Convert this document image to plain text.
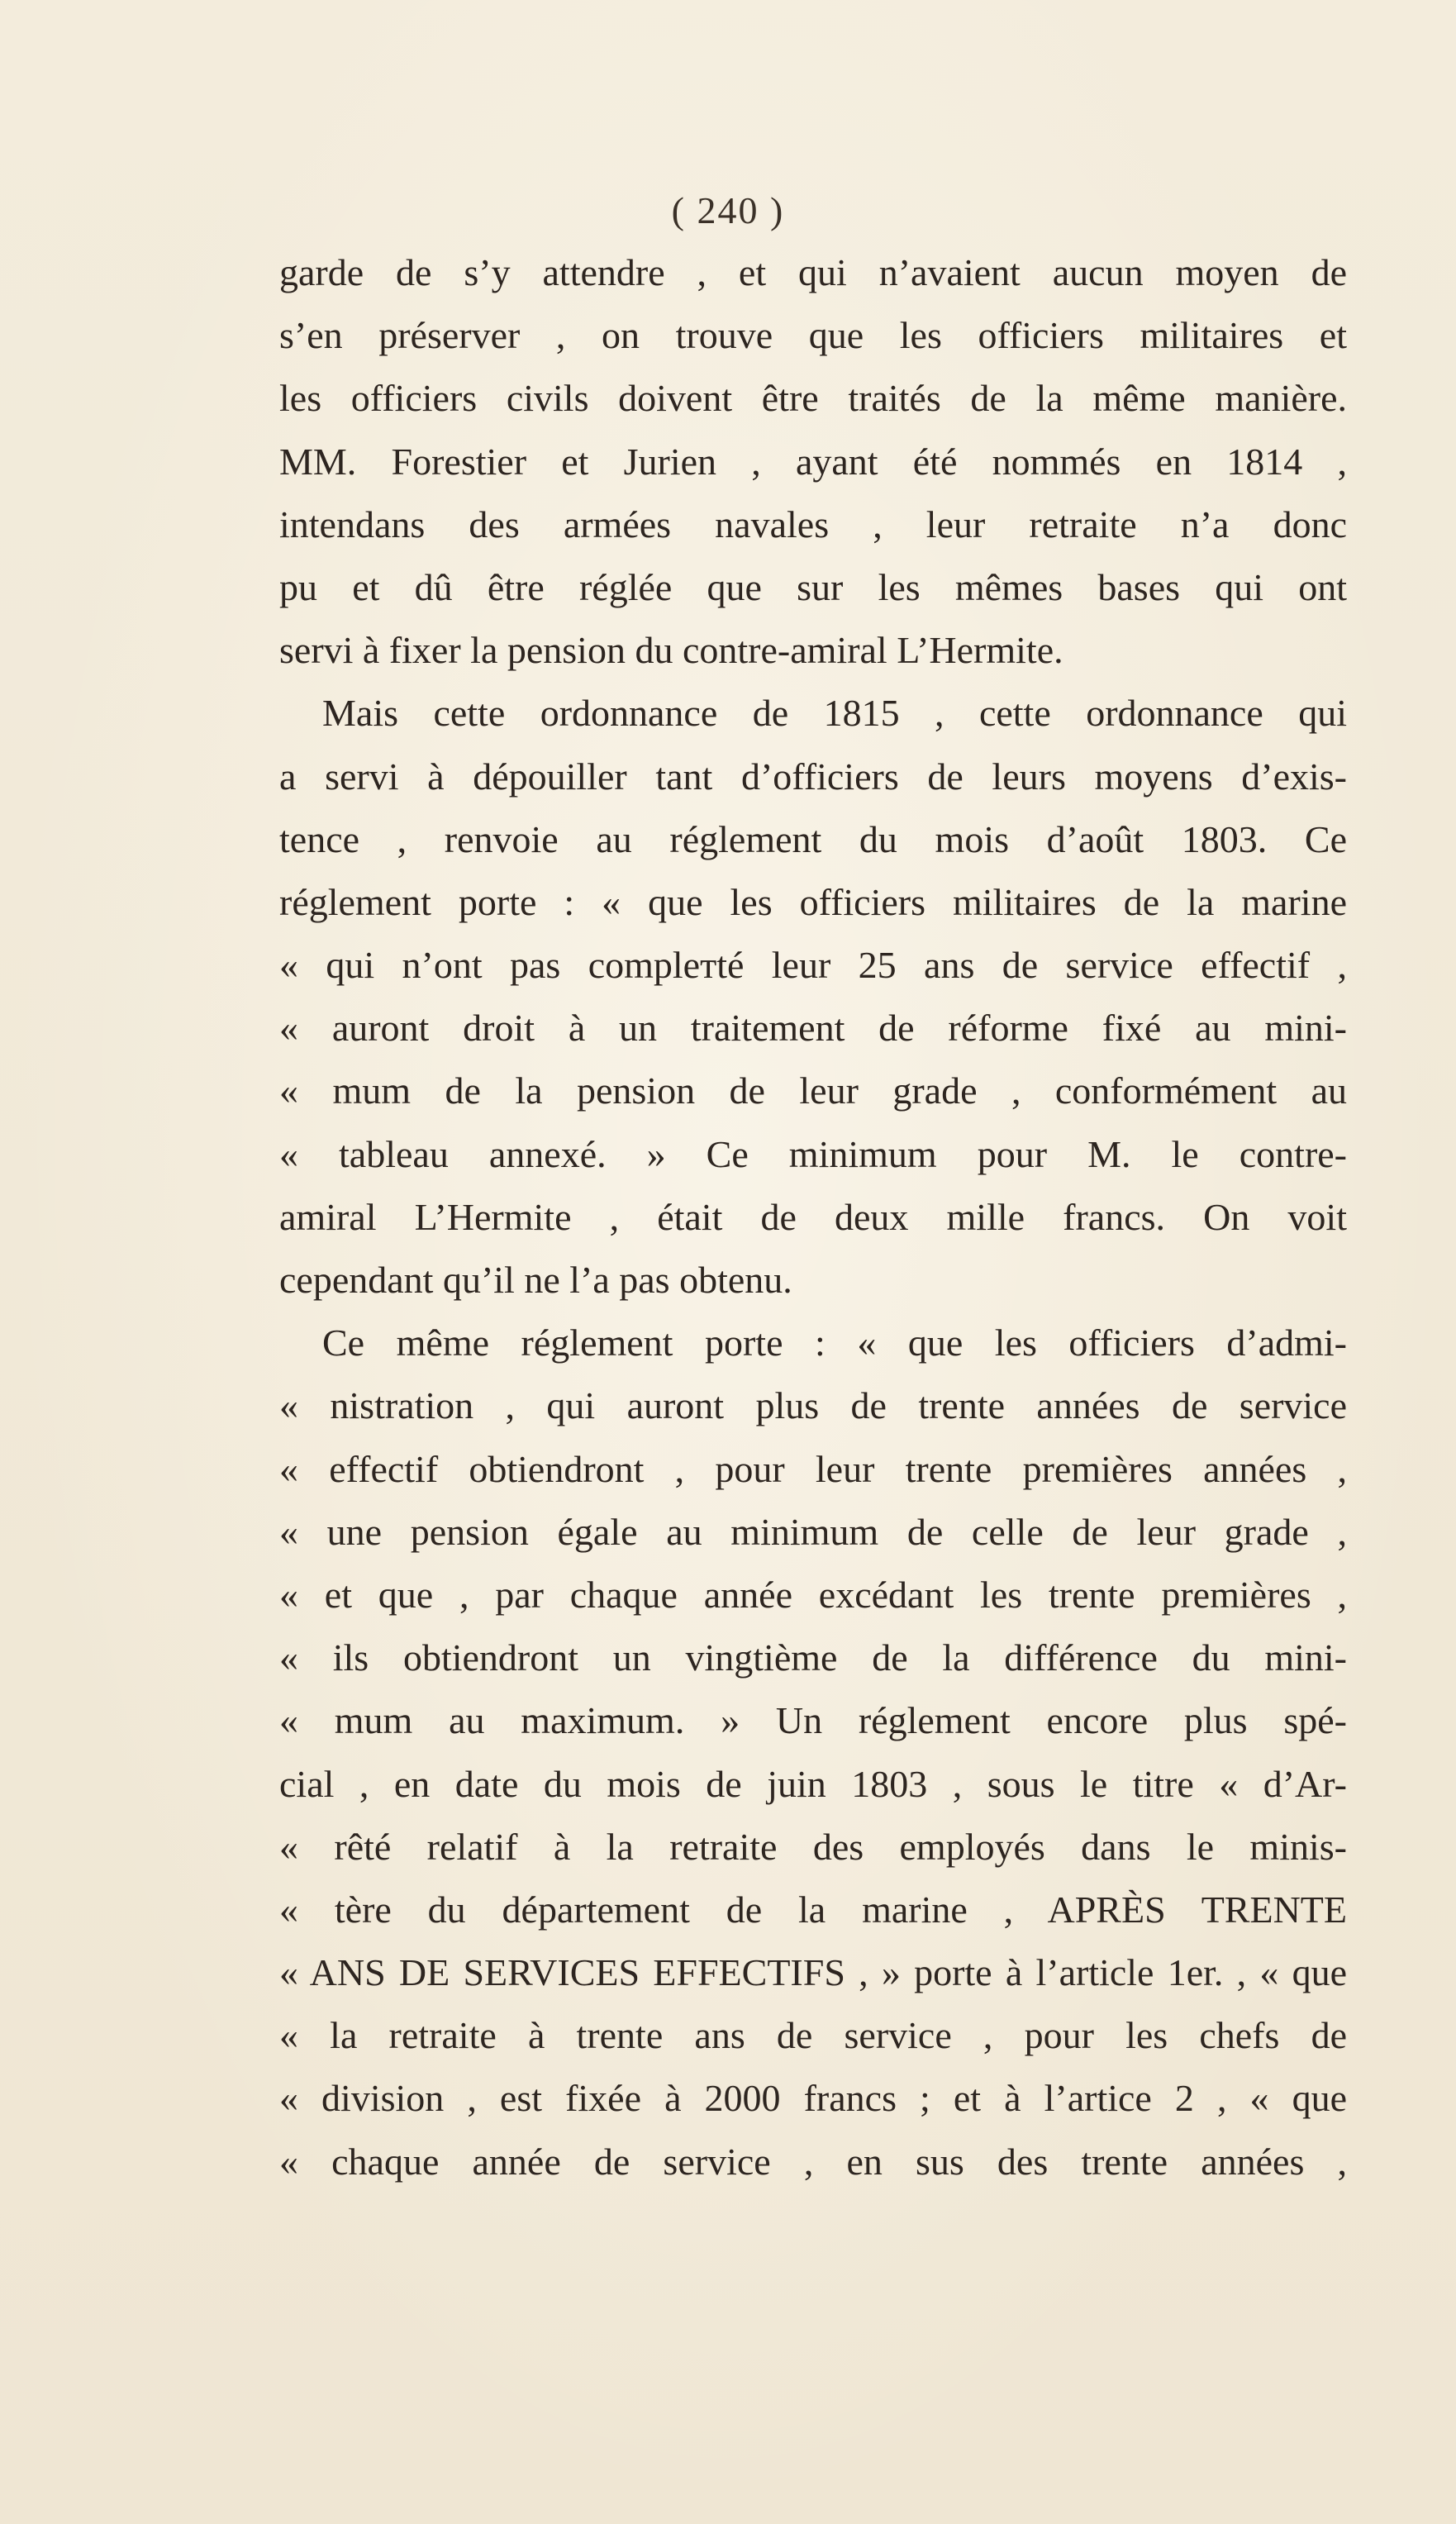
( 240 )
garde de s’y attendre , et qui n’avaient aucun moyen de
s’en préserver , on trouve que les officiers militaires et
les officiers civils doivent être traités de la même manière.
MM. Forestier et Jurien , ayant été nommés en 1814 ,
intendans des armées navales , leur retraite n’a donc
pu et dû être réglée que sur les mêmes bases qui ont
servi à fixer la pension du contre-amiral L’Hermite.
Mais cette ordonnance de 1815 , cette ordonnance qui
a servi à dépouiller tant d’officiers de leurs moyens d’exis-
tence , renvoie au réglement du mois d’août 1803. Ce
réglement porte : « que les officiers militaires de la marine
« qui n’ont pas complетté leur 25 ans de service effectif ,
« auront droit à un traitement de réforme fixé au mini-
« mum de la pension de leur grade , conformément au
« tableau annexé. » Ce minimum pour M. le contre-
amiral L’Hermite , était de deux mille francs. On voit
cependant qu’il ne l’a pas obtenu.
Ce même réglement porte : « que les officiers d’admi-
« nistration , qui auront plus de trente années de service
« effectif obtiendront , pour leur trente premières années ,
« une pension égale au minimum de celle de leur grade ,
« et que , par chaque année excédant les trente premières ,
« ils obtiendront un vingtième de la différence du mini-
« mum au maximum. » Un réglement encore plus spé-
cial , en date du mois de juin 1803 , sous le titre « d’Ar-
« rêté relatif à la retraite des employés dans le minis-
« tère du département de la marine , APRÈS TRENTE
« ANS DE SERVICES EFFECTIFS , » porte à l’article 1er. , « que
« la retraite à trente ans de service , pour les chefs de
« division , est fixée à 2000 francs ; et à l’artice 2 , « que
« chaque année de service , en sus des trente années ,
